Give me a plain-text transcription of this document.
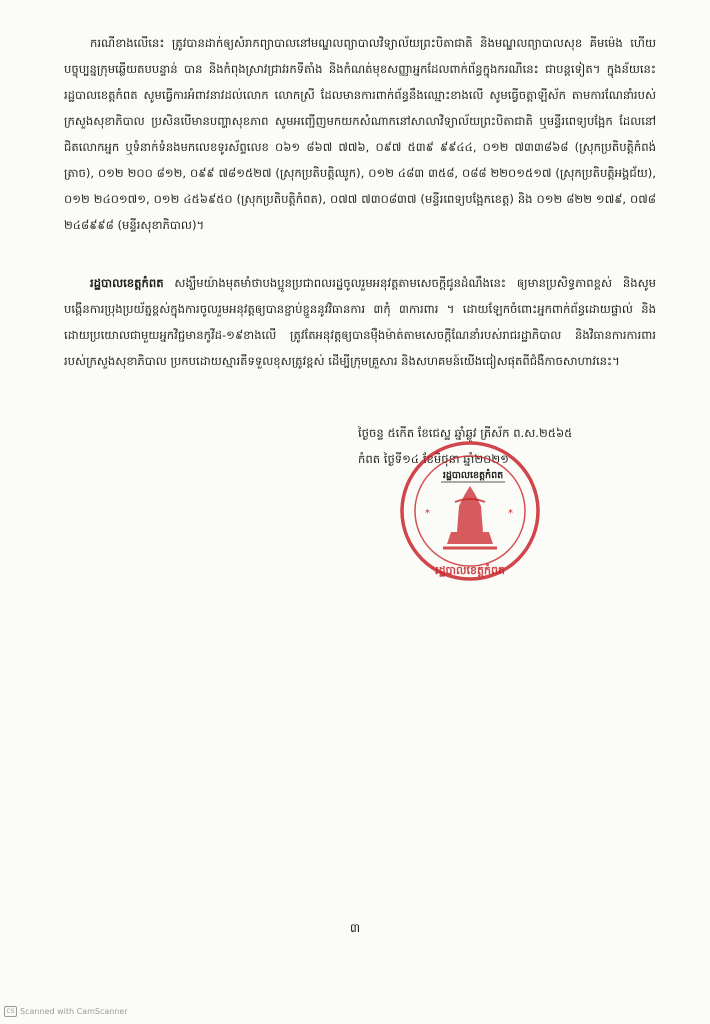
ករណីខាងលើនេះ ត្រូវបានដាក់ឲ្យសំរាកព្យាបាលនៅមណ្ឌលព្យាបាលវិទ្យាល័យព្រះបិតាជាតិ និងមណ្ឌលព្យាបាលសុខ គីមម៉េង ហើយបច្ចុប្បន្នក្រុមឆ្លើយតបបន្ទាន់ បាន និងកំពុងស្រាវជ្រាវរកទីតាំង និងកំណត់មុខសញ្ញាអ្នកដែលពាក់ព័ន្ធក្នុងករណីនេះ ជាបន្តទៀត។ ក្នុងន័យនេះ រដ្ឋបាលខេត្តកំពត សូមធ្វើការអំពាវនាវដល់លោក លោកស្រី ដែលមានការពាក់ព័ន្ធនឹងឈ្មោះខាងលើ សូមធ្វើចត្តាឡីស័ក តាមការណែនាំរបស់ក្រសួងសុខាភិបាល ប្រសិនបើមានបញ្ហាសុខភាព សូមអញ្ជើញមកយកសំណាកនៅសាលាវិទ្យាល័យព្រះបិតាជាតិ ឬមន្ទីរពេទ្យបង្អែក ដែលនៅជិតលោកអ្នក ឬទំនាក់ទំនងមកលេខទូរស័ព្ទលេខ ០៦១ ៨៦៧ ៧៧៦, ០៩៧ ៥៣៩ ៩៩៤៤, ០១២ ៧៣៣៨៦៨ (ស្រុកប្រតិបត្តិកំពង់ត្រាច), ០១២ ២០០ ៨១២, ០៩៩ ៧៨១៥២៧ (ស្រុកប្រតិបត្តិឈូក), ០១២ ៤៨៣ ៣៥៨, ០៨៨ ២២០១៥១៧ (ស្រុកប្រតិបត្តិអង្គជ័យ), ០១២ ២៤០១៧១, ០១២ ៤៥៦៩៥០ (ស្រុកប្រតិបត្តិកំពត), ០៧៧ ៧៣០៨៣៧ (មន្ទីរពេទ្យបង្អែកខេត្ត) និង ០១២ ៨២២ ១៧៩, ០៧៨ ២៤៨៩៩៨ (មន្ទីរសុខាភិបាល)។

រដ្ឋបាលខេត្តកំពត សង្ឃឹមយ៉ាងមុតមាំថាបងប្អូនប្រជាពលរដ្ឋចូលរួមអនុវត្តតាមសេចក្តីជូនដំណឹងនេះ ឲ្យមានប្រសិទ្ធភាពខ្ពស់ និងសូមបង្កើនការប្រុងប្រយ័ត្នខ្ពស់ក្នុងការចូលរួមអនុវត្តឲ្យបានខ្ជាប់ខ្ជួននូវវិធានការ ៣កុំ ៣ការពារ ។ ដោយឡែកចំពោះអ្នកពាក់ព័ន្ធដោយផ្ទាល់ និងដោយប្រយោលជាមួយអ្នកវិជ្ជមានកូវីដ-១៩ខាងលើ ត្រូវតែអនុវត្តឲ្យបានម៉ឺងម៉ាត់តាមសេចក្តីណែនាំរបស់រាជរដ្ឋាភិបាល និងវិធានការការពាររបស់ក្រសួងសុខាភិបាល ប្រកបដោយស្មារតីទទួលខុសត្រូវខ្ពស់ ដើម្បីក្រុមគ្រួសារ និងសហគមន៍យើងជៀសផុតពីជំងឺកាចសាហាវនេះ។

ថ្ងៃចន្ទ ៥កើត ខែជេស្ឋ ឆ្នាំឆ្លូវ ត្រីស័ក ព.ស.២៥៦៥
កំពត ថ្ងៃទី១៤ ខែមិថុនា ឆ្នាំ២០២១
*	*
រដ្ឋបាលខេត្តកំពត
រដ្ឋបាលខេត្តកំពត
៣
CS Scanned with CamScanner
